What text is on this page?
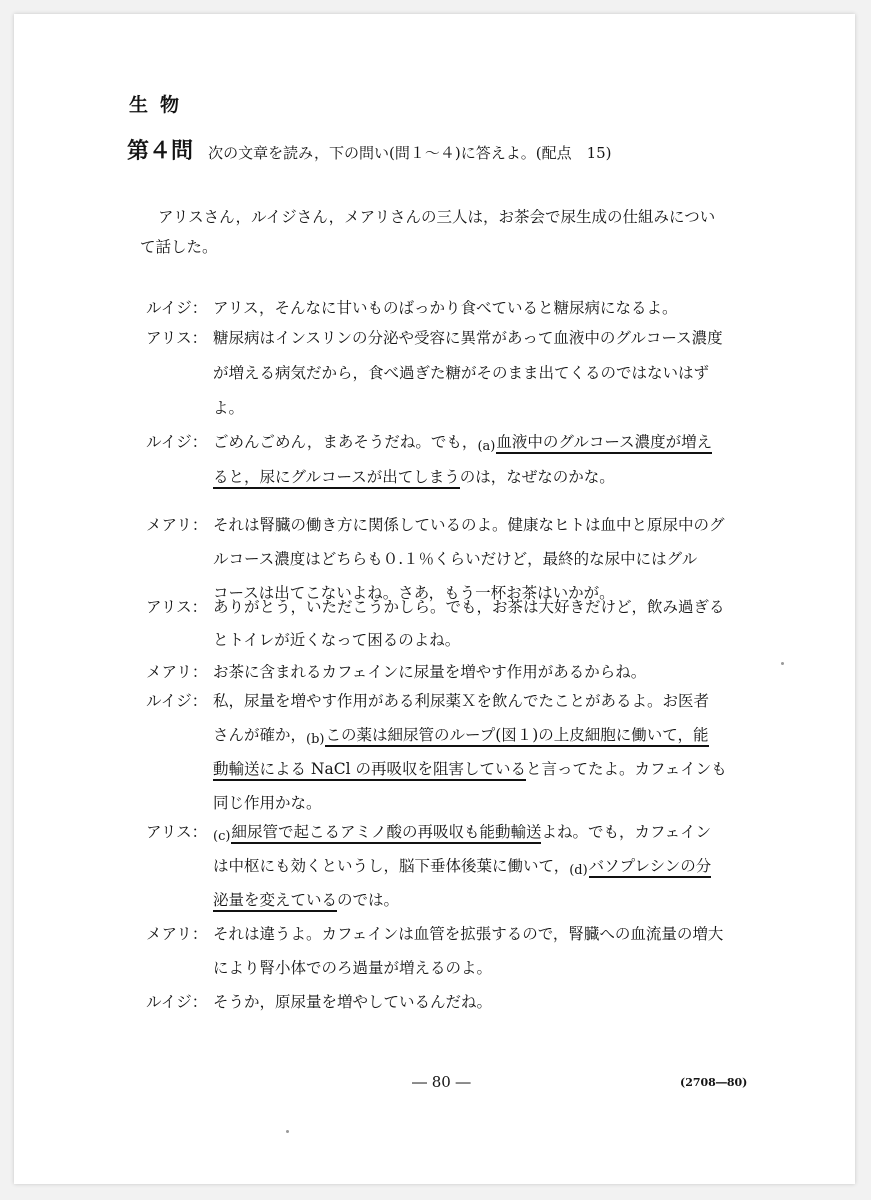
生物
第４問 次の文章を読み，下の問い(問１～４)に答えよ。(配点　15)
アリスさん，ルイジさん，メアリさんの三人は，お茶会で尿生成の仕組みについ
て話した。
ルイジ： アリス，そんなに甘いものばっかり食べていると糖尿病になるよ。
アリス： 糖尿病はインスリンの分泌や受容に異常があって血液中のグルコース濃度
が増える病気だから，食べ過ぎた糖がそのまま出てくるのではないはず
よ。
ルイジ： ごめんごめん，まあそうだね。でも，(a)血液中のグルコース濃度が増え
ると，尿にグルコースが出てしまうのは，なぜなのかな。
メアリ： それは腎臓の働き方に関係しているのよ。健康なヒトは血中と原尿中のグ
ルコース濃度はどちらも０.１％くらいだけど，最終的な尿中にはグル
コースは出てこないよね。さあ，もう一杯お茶はいかが。
アリス： ありがとう，いただこうかしら。でも，お茶は大好きだけど，飲み過ぎる
とトイレが近くなって困るのよね。
メアリ： お茶に含まれるカフェインに尿量を増やす作用があるからね。
ルイジ： 私，尿量を増やす作用がある利尿薬Ｘを飲んでたことがあるよ。お医者
さんが確か，(b)この薬は細尿管のループ(図１)の上皮細胞に働いて，能
動輸送による NaCl の再吸収を阻害していると言ってたよ。カフェインも
同じ作用かな。
アリス： (c)細尿管で起こるアミノ酸の再吸収も能動輸送よね。でも，カフェイン
は中枢にも効くというし，脳下垂体後葉に働いて，(d)バソプレシンの分
泌量を変えているのでは。
メアリ： それは違うよ。カフェインは血管を拡張するので，腎臓への血流量の増大
により腎小体でのろ過量が増えるのよ。
ルイジ： そうか，原尿量を増やしているんだね。
― 80 ―	(2708―80)
